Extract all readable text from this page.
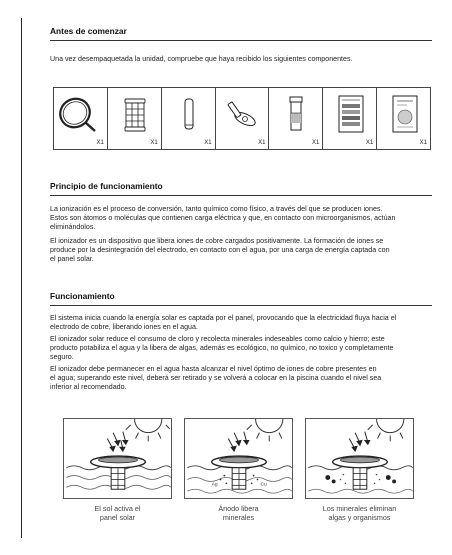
Antes de comenzar
Una vez desempaquetada la unidad, compruebe que haya recibido los siguientes componentes.
X1	X1	X1	X1	X1	X1	X1
Principio de funcionamiento
La ionización es el proceso de conversión, tanto químico como físico, a través del que se producen iones.
Estos son átomos o moléculas que contienen carga eléctrica y que, en contacto con microorganismos, actúan
eliminándolos.
El ionizador es un dispositivo que libera iones de cobre cargados positivamente. La formación de iones se
produce por la desintegración del electrodo, en contacto con el agua, por una carga de energía captada con
el panel solar.
Funcionamiento
El sistema inicia cuando la energía solar es captada por el panel, provocando que la electricidad fluya hacia el
electrodo de cobre, liberando iones en el agua.
El ionizador solar reduce el consumo de cloro y recolecta minerales indeseables como calcio y hierro; este
producto potabiliza el agua y la libera de algas, además es ecológico, no químico, no toxico y completamente
seguro.
El ionizador debe permanecer en el agua hasta alcanzar el nivel óptimo de iones de cobre presentes en
el agua; superando este nivel, deberá ser retirado y se volverá a colocar en la piscina cuando el nivel sea
inferior al recomendado.
Ag	Cu
El sol activa el
panel solar
Ánodo libera
minerales
Los minerales eliminan
algas y organismos
